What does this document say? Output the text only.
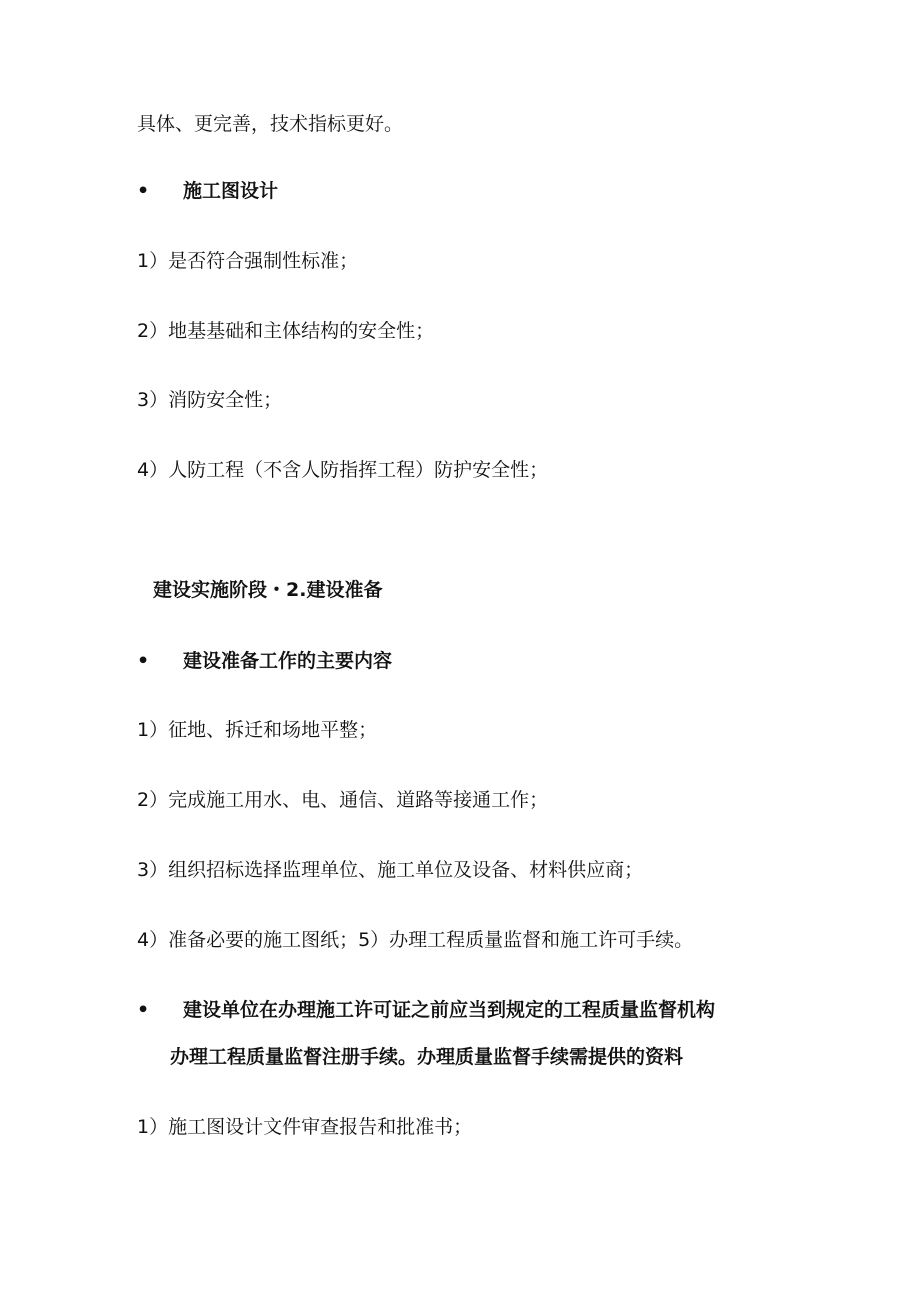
具体、更完善，技术指标更好。
• 施工图设计
1）是否符合强制性标准；
2）地基基础和主体结构的安全性；
3）消防安全性；
4）人防工程（不含人防指挥工程）防护安全性；
建设实施阶段・2.建设准备
• 建设准备工作的主要内容
1）征地、拆迁和场地平整；
2）完成施工用水、电、通信、道路等接通工作；
3）组织招标选择监理单位、施工单位及设备、材料供应商；
4）准备必要的施工图纸；5）办理工程质量监督和施工许可手续。
• 建设单位在办理施工许可证之前应当到规定的工程质量监督机构
办理工程质量监督注册手续。办理质量监督手续需提供的资料
1）施工图设计文件审查报告和批准书；
